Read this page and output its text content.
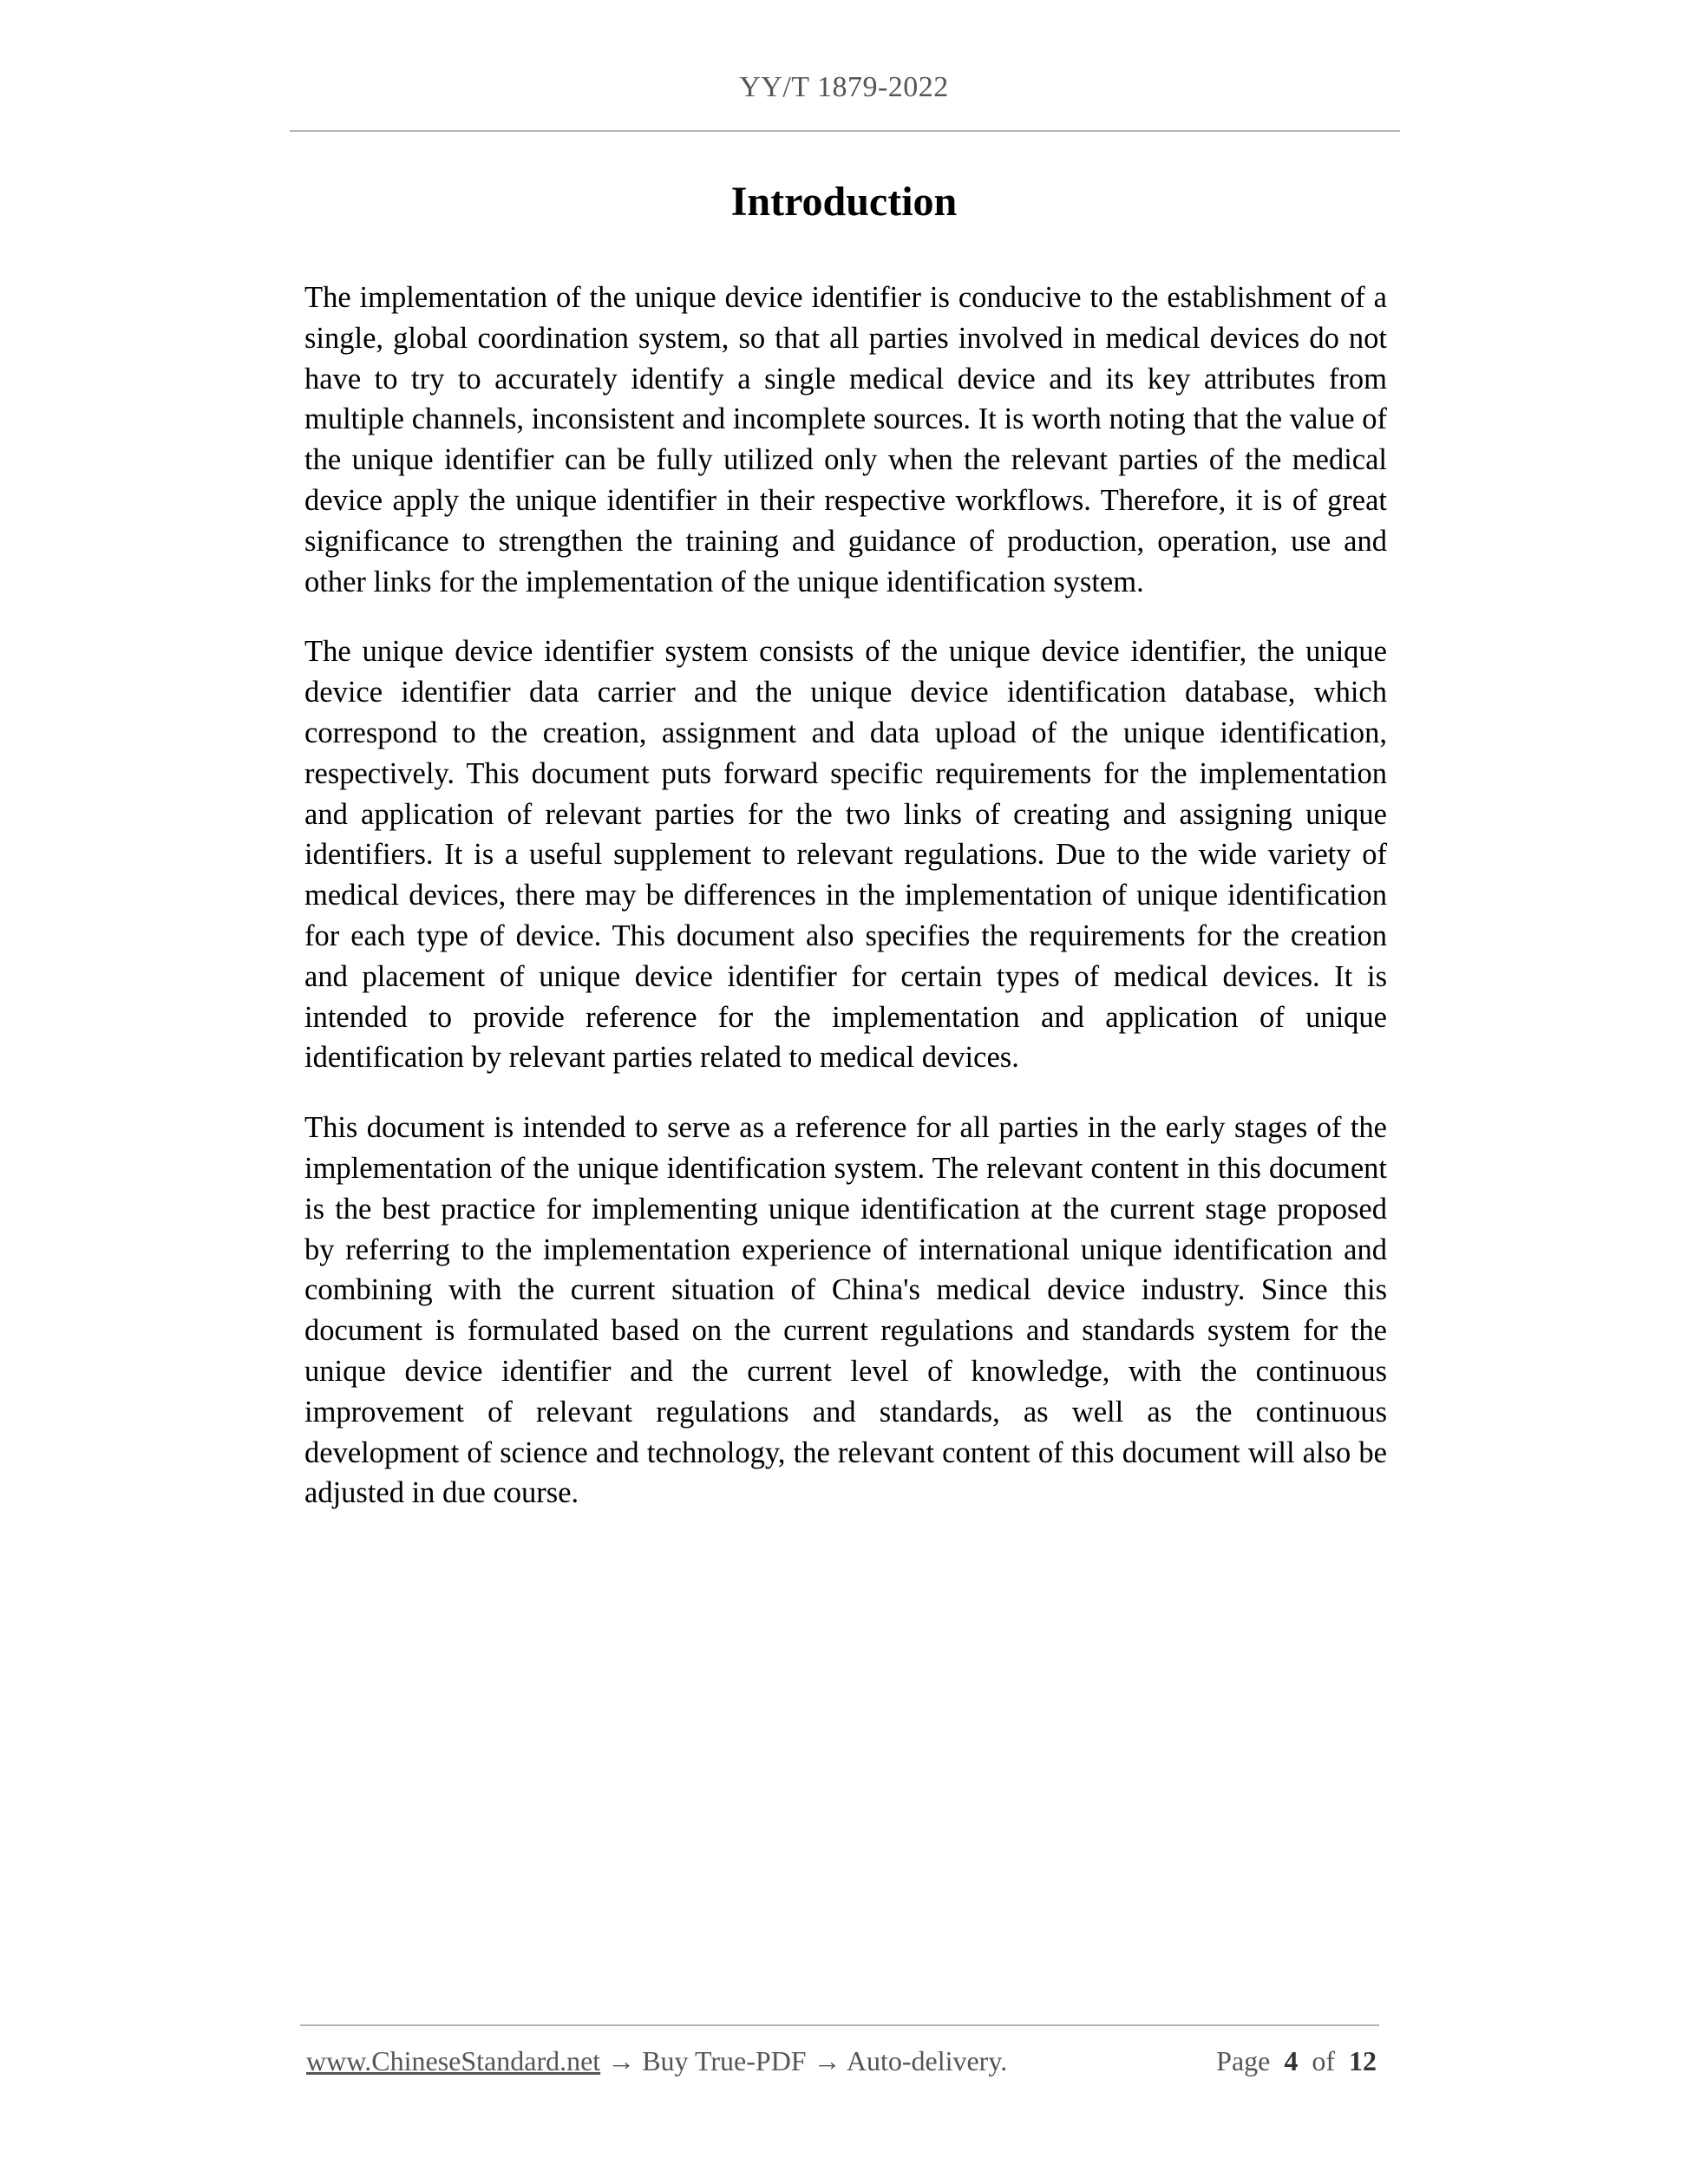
YY/T 1879-2022
Introduction

The implementation of the unique device identifier is conducive to the establishment of a single, global coordination system, so that all parties involved in medical devices do not have to try to accurately identify a single medical device and its key attributes from multiple channels, inconsistent and incomplete sources. It is worth noting that the value of the unique identifier can be fully utilized only when the relevant parties of the medical device apply the unique identifier in their respective workflows. Therefore, it is of great significance to strengthen the training and guidance of production, operation, use and other links for the implementation of the unique identification system.

The unique device identifier system consists of the unique device identifier, the unique device identifier data carrier and the unique device identification database, which correspond to the creation, assignment and data upload of the unique identification, respectively. This document puts forward specific requirements for the implementation and application of relevant parties for the two links of creating and assigning unique identifiers. It is a useful supplement to relevant regulations. Due to the wide variety of medical devices, there may be differences in the implementation of unique identification for each type of device. This document also specifies the requirements for the creation and placement of unique device identifier for certain types of medical devices. It is intended to provide reference for the implementation and application of unique identification by relevant parties related to medical devices.

This document is intended to serve as a reference for all parties in the early stages of the implementation of the unique identification system. The relevant content in this document is the best practice for implementing unique identification at the current stage proposed by referring to the implementation experience of international unique identification and combining with the current situation of China's medical device industry. Since this document is formulated based on the current regulations and standards system for the unique device identifier and the current level of knowledge, with the continuous improvement of relevant regulations and standards, as well as the continuous development of science and technology, the relevant content of this document will also be adjusted in due course.

www.ChineseStandard.net → Buy True-PDF → Auto-delivery.	Page 4 of 12
